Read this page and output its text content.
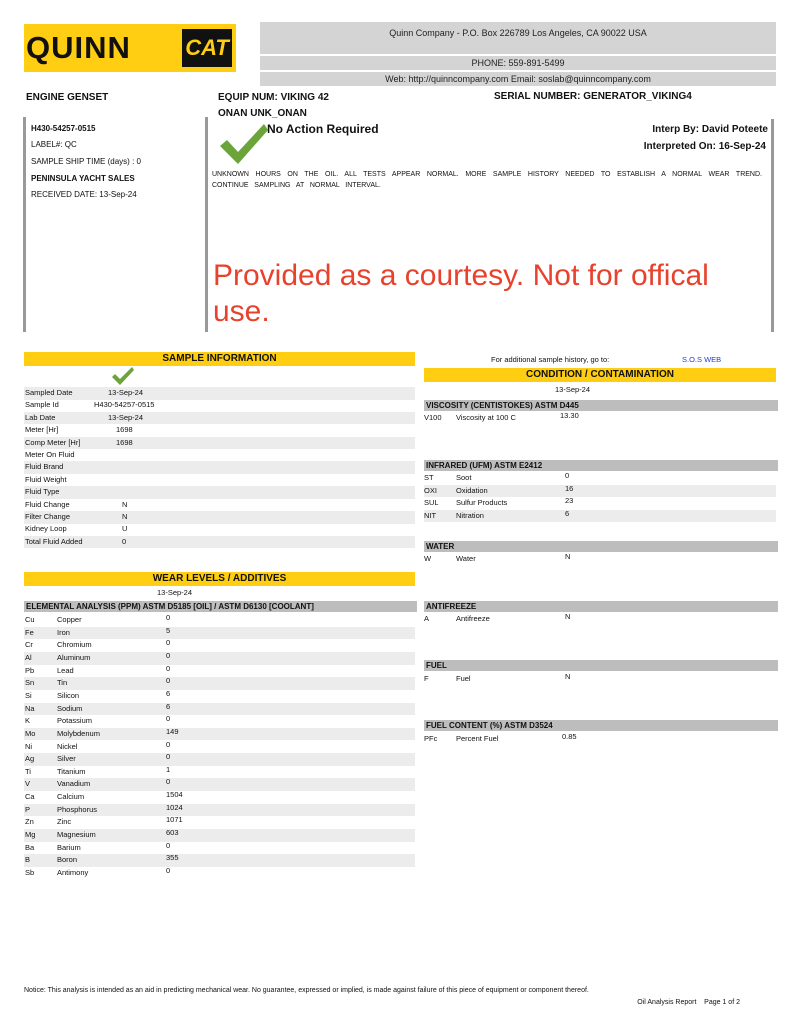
QUINN CAT
Quinn Company - P.O. Box 226789 Los Angeles, CA 90022 USA
PHONE: 559-891-5499
Web: http://quinncompany.com Email: soslab@quinncompany.com
ENGINE GENSET	EQUIP NUM: VIKING 42	SERIAL NUMBER: GENERATOR_VIKING4
ONAN UNK_ONAN
H430-54257-0515
LABEL#: QC
SAMPLE SHIP TIME (days) : 0
PENINSULA YACHT SALES
RECEIVED DATE: 13-Sep-24
No Action Required	Interp By: David Poteete
Interpreted On: 16-Sep-24
UNKNOWN HOURS ON THE OIL. ALL TESTS APPEAR NORMAL. MORE SAMPLE HISTORY NEEDED TO ESTABLISH A NORMAL WEAR TREND. CONTINUE SAMPLING AT NORMAL INTERVAL.
Provided as a courtesy. Not for offical use.
SAMPLE INFORMATION
Sampled Date	13-Sep-24
Sample Id	H430-54257-0515
Lab Date	13-Sep-24
Meter [Hr]	1698
Comp Meter [Hr]	1698
Meter On Fluid
Fluid Brand
Fluid Weight
Fluid Type
Fluid Change	N
Filter Change	N
Kidney Loop	U
Total Fluid Added	0
For additional sample history, go to:	S.O.S WEB
CONDITION / CONTAMINATION
13-Sep-24
VISCOSITY (CENTISTOKES) ASTM D445
V100 Viscosity at 100 C	13.30
INFRARED (UFM) ASTM E2412
ST	Soot	0
OXI	Oxidation	16
SUL Sulfur Products	23
NIT	Nitration	6
WATER
W	Water	N
ANTIFREEZE
A	Antifreeze	N
FUEL
F	Fuel	N
FUEL CONTENT (%) ASTM D3524
PFc Percent Fuel	0.85
WEAR LEVELS / ADDITIVES
13-Sep-24
ELEMENTAL ANALYSIS (PPM) ASTM D5185 [OIL] / ASTM D6130 [COOLANT]
Cu	Copper	0
Fe	Iron	5
Cr	Chromium	0
Al	Aluminum	0
Pb	Lead	0
Sn	Tin	0
Si	Silicon	6
Na	Sodium	6
K	Potassium	0
Mo	Molybdenum	149
Ni	Nickel	0
Ag	Silver	0
Ti	Titanium	1
V	Vanadium	0
Ca	Calcium	1504
P	Phosphorus	1024
Zn	Zinc	1071
Mg	Magnesium	603
Ba	Barium	0
B	Boron	355
Sb	Antimony	0
Notice: This analysis is intended as an aid in predicting mechanical wear. No guarantee, expressed or implied, is made against failure of this piece of equipment or component thereof.
Oil Analysis Report    Page 1 of 2
